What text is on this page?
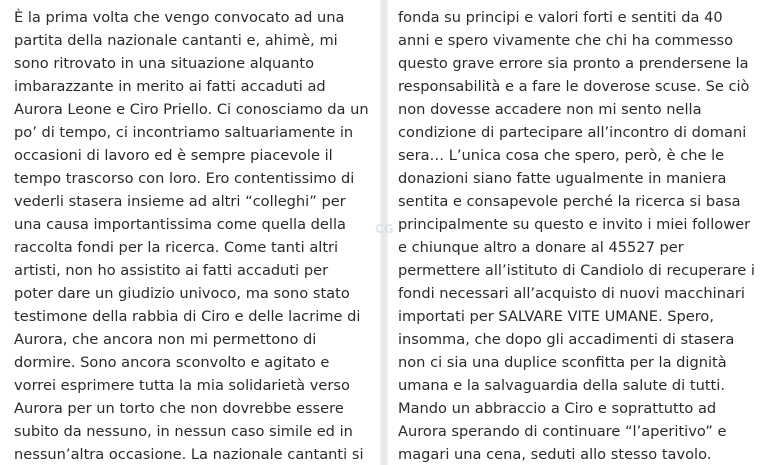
È la prima volta che vengo convocato ad una
partita della nazionale cantanti e, ahimè, mi
sono ritrovato in una situazione alquanto
imbarazzante in merito ai fatti accaduti ad
Aurora Leone e Ciro Priello. Ci conosciamo da un
po’ di tempo, ci incontriamo saltuariamente in
occasioni di lavoro ed è sempre piacevole il
tempo trascorso con loro. Ero contentissimo di
vederli stasera insieme ad altri “colleghi” per
una causa importantissima come quella della
raccolta fondi per la ricerca. Come tanti altri
artisti, non ho assistito ai fatti accaduti per
poter dare un giudizio univoco, ma sono stato
testimone della rabbia di Ciro e delle lacrime di
Aurora, che ancora non mi permettono di
dormire. Sono ancora sconvolto e agitato e
vorrei esprimere tutta la mia solidarietà verso
Aurora per un torto che non dovrebbe essere
subito da nessuno, in nessun caso simile ed in
nessun’altra occasione. La nazionale cantanti si
fonda su principi e valori forti e sentiti da 40
anni e spero vivamente che chi ha commesso
questo grave errore sia pronto a prendersene la
responsabilità e a fare le doverose scuse. Se ciò
non dovesse accadere non mi sento nella
condizione di partecipare all’incontro di domani
sera… L’unica cosa che spero, però, è che le
donazioni siano fatte ugualmente in maniera
sentita e consapevole perché la ricerca si basa
principalmente su questo e invito i miei follower
e chiunque altro a donare al 45527 per
permettere all’istituto di Candiolo di recuperare i
fondi necessari all’acquisto di nuovi macchinari
importati per SALVARE VITE UMANE. Spero,
insomma, che dopo gli accadimenti di stasera
non ci sia una duplice sconfitta per la dignità
umana e la salvaguardia della salute di tutti.
Mando un abbraccio a Ciro e soprattutto ad
Aurora sperando di continuare “l’aperitivo” e
magari una cena, seduti allo stesso tavolo.
CG
